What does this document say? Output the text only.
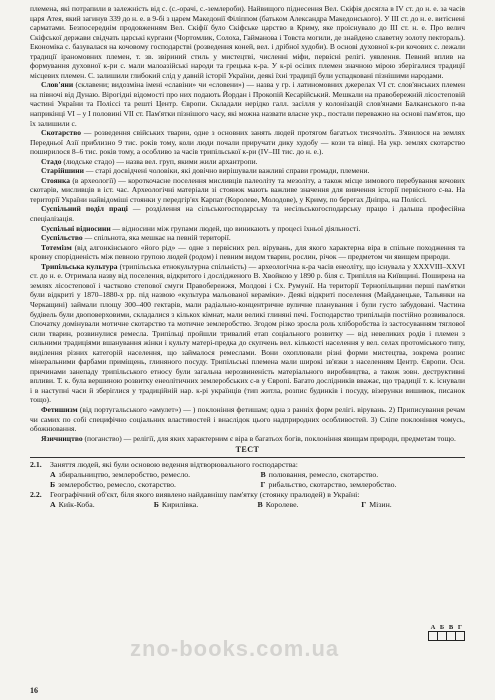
племена, які потрапили в залежність від с. (с.-орачі, с.-землероби). Найвищого піднесення Вел. Скіфія досягла в IV ст. до н. е. за часів царя Атея, який загинув 339 до н. е. в 9-бі з царем Македонії Філіппом (батьком Александра Македонського). У III ст. до н. е. витіснені сарматами. Безпосереднім продовженням Вел. Скіфії було Скіфське царство в Криму, яке проіснувало до III ст. н. е. Про велич Скіфської держави свідчать царські кургани (Чортомлик, Солоха, Гайманова і Товста могили, де знайдено славетну золоту пектораль). Економіка с. базувалася на кочовому господарстві (розведення коней, вел. і дрібної худоби). В основі духовної к-ри кочових с. лежали традиції іраномовних племен, т. зв. звіриний стиль у мистецтві, численні міфи, первісні релігі. уявлення. Певний вплив на формування духовної к-ри с. мали малоазійські народи та грецька к-ра. У к-рі осілих племен значною мірою зберігалися традиції місцевих племен. С. залишили глибокий слід у давній історії України, деякі їхні традиції були успадковані пізнішими народами.

Слов'яни (склавени; видозміна імені «славіни» чи «словени») — назва у гр. і латиномовних джерелах VI ст. слов'янських племен на півночі від Дунаю. Вірогідні відомості про них подають Йордан і Прокопій Кесарійський. Мешкали на правобережній лісостеповій частині України та Поліссі та решті Центр. Європи. Складали нерідко галл. засілля у колонізацій слов'янами Балканського п-ва наприкінці VI – у І половині VII ст. Пам'ятки пізнішого часу, які можна назвати власне укр., постали переважно на основі пам'яток, що їх залишили с.

Скотарство — розведення свійських тварин, одне з основних занять людей протягом багатьох тисячоліть. З'явилося на землях Передньої Азії приблизно 9 тис. років тому, коли люди почали приручати дику худобу — кози та вівці. На укр. землях скотарство поширилося 8–6 тис. років тому, а особливо за часів трипільської к-ри (IV–III тис. до н. е.).

Стадо (людське стадо) — назва вел. груп, якими жили архантропи.

Старійшини — старі досвідчені чоловіки, які довічно вирішували важливі справи громади, племени.

Стоянка (в археології) — короткочасне поселення мисливців палеоліту та мезоліту, а також місце зимового перебування кочових скотарів, мисливців в іст. час. Археологічні матеріали зі стоянок мають важливе значення для вивчення історії первісного с-ва. На території України найвідоміші стоянки у передгір'ях Карпат (Королеве, Молодове), у Криму, по берегах Дніпра, на Поліссі.

Суспільний поділ праці — розділення на сільськогосподарську та несільськогосподарську працю і дальша професійна спеціалізація.

Суспільні відносини — відносини між групами людей, що виникають у процесі їхньої діяльності.

Суспільство — спільнота, яка мешкає на певній території.

Тотемізм (від алгонкінського «його рід» — одне з первісних рел. вірувань, для якого характерна віра в спільне походження та кровну спорідненість між певною групою людей (родом) і певним видом тварин, рослин, річок — предметом чи явищем природи.

Трипільська культура (трипільська етнокультурна спільність) — археологічна к-ра часів енеоліту, що існувала у XXXVIII–XXVI ст. до н. е. Отримала назву від поселення, відкритого і дослідженого В. Хвойкою у 1890 р. біля с. Трипілля на Київщині. Поширена на землях лісостепової і частково степової смуги Правобережжя, Молдові і Сх. Румунії. На території Тернопільщини перші пам'ятки були відкриті у 1870–1880-х рр. під назвою «культура мальованої кераміки». Деякі відкриті поселення (Майданецьке, Тальянки на Черкащині) займали площу 300–400 гектарів, мали радіально-концентричне вуличне планування і були густо забудовані. Частина будівель були двоповерховими, складалися з кількох кімнат, мали великі глиняні печі. Господарство трипільців постійно розвивалося. Спочатку домінували мотичне скотарство та мотичне землеробство. Згодом різко зросла роль хліборобства із застосуванням тяглової сили тварин, розвинулися ремесла. Трипільці пройшли тривалий етап соціального розвитку — від невеликих родів і племен з сильними традиціями вшанування жінки і культу матері-предка до скупчень вел. кількості населення у вел. селах протоміського типу, виділення різних категорій населення, що займалося ремеслами. Вони охоплювали різні форми мистецтва, зокрема розпис мінеральними фарбами приміщень, глиняного посуду. Трипільські племена мали широкі зв'язки з населенням Центр. Європи. Осн. причинами занепаду трипільського етносу були загальна нерозвиненість матеріального виробництва, а також зовн. деструктивні впливи. Т. к. була вершиною розвитку енеолітичних землеробських с-в у Європі. Багато дослідників вважає, що традиції т. к. існували і в наступні часи й зберіглися у традиційній нар. к-рі українців (тип житла, розпис будинків і посуду, візерунки вишивок, писанок тощо).

Фетишизм (від португальського «амулет») — ) поклоніння фетишам; одна з ранніх форм релігі. вірувань. 2) Приписування речам чи самих по собі специфічно соціальних властивостей і внаслідок цього надприродних особливостей. 3) Сліпе поклоніння чомусь, обожнювання.

Язичництво (поганство) — релігії, для яких характерним є віра в багатьох богів, поклоніння явищам природи, предметам тощо.

ТЕСТ
2.1.	Заняття людей, які були основою ведення відтворювального господарства:
А збиральництво, землеробство, ремесло.	В полювання, ремесло, скотарство.
Б землеробство, ремесло, скотарство.	Г рибальство, скотарство, землеробство.
2.2.	Географічний об'єкт, біля якого виявлено найдавнішу пам'ятку (стоянку пралюдей) в Україні:
А Киїк-Коба.	Б Кирилівка.	В Королеве.	Г Мізин.
А Б В Г
zno-books.com.ua
16
